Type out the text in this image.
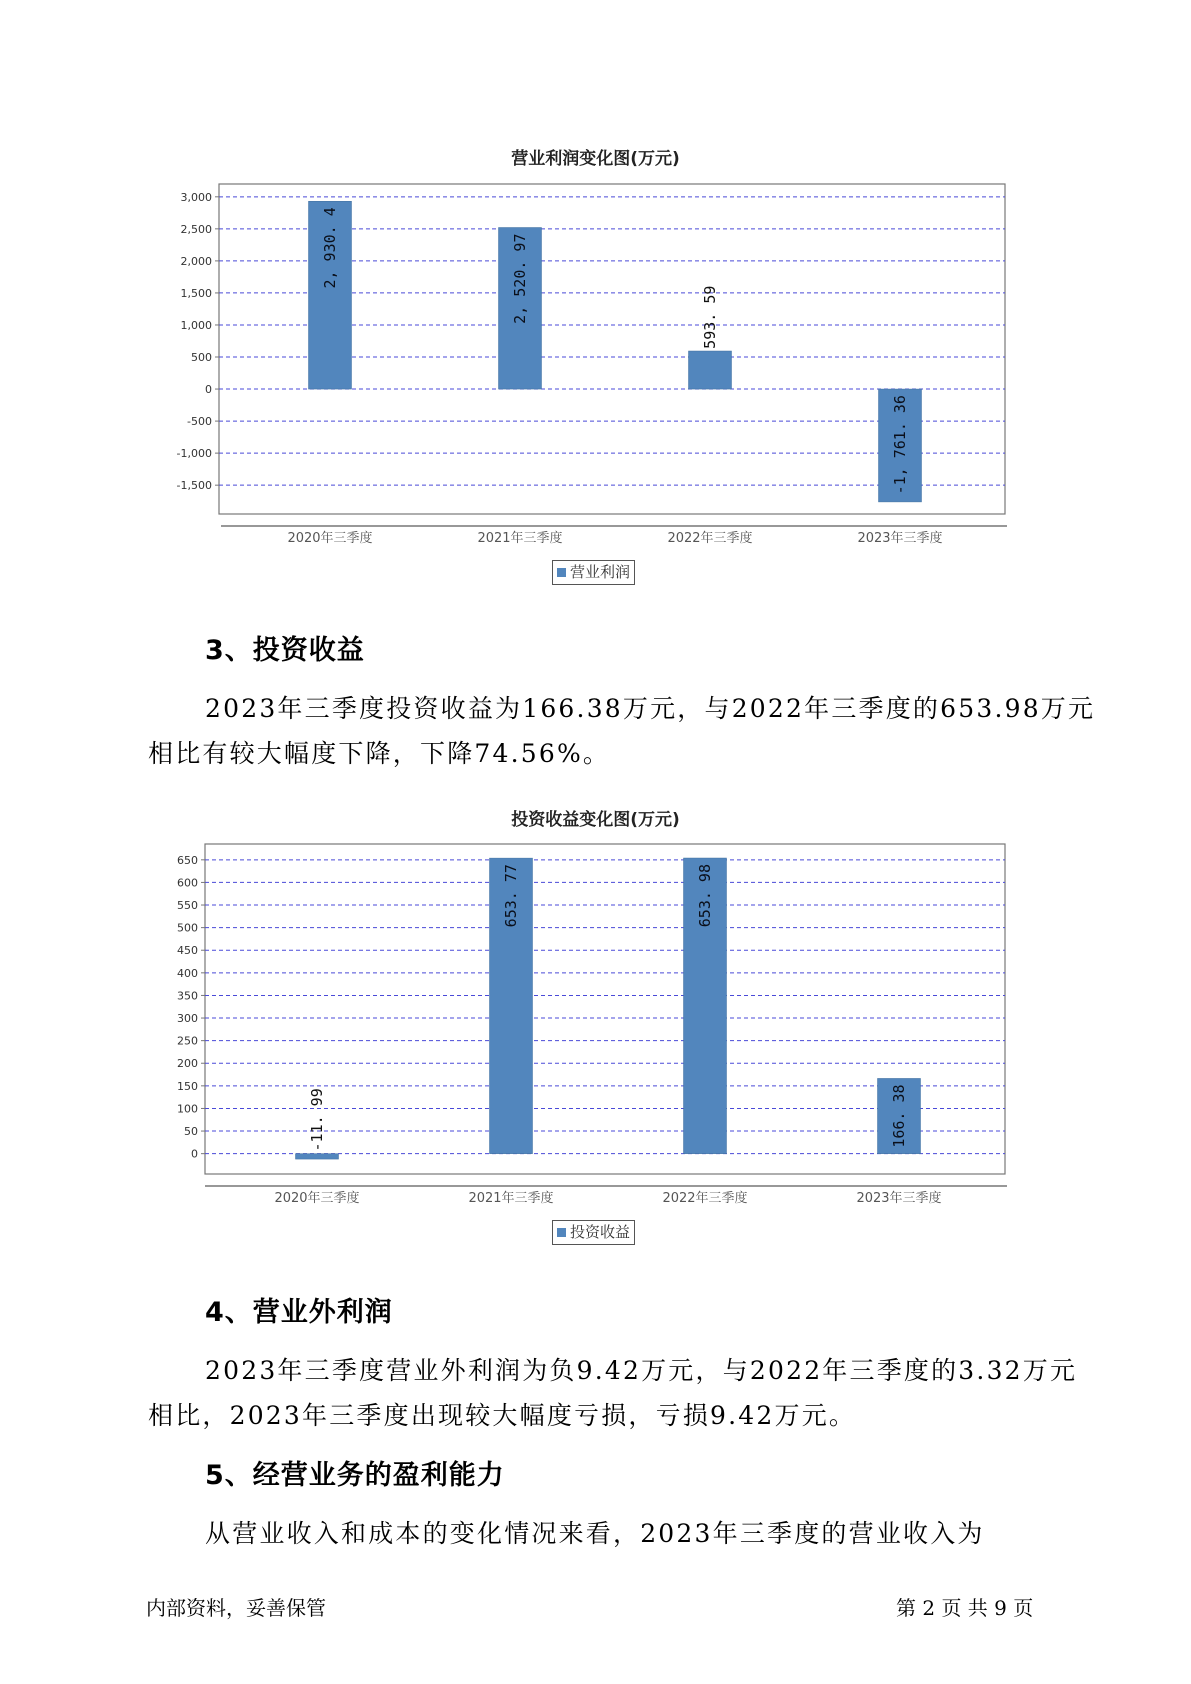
营业利润变化图(万元)
3,000
2,500
2,000
1,500
1,000
500
0
-500
-1,000
-1,500
2, 930. 4
2020年三季度
2, 520. 97
2021年三季度
593. 59
2022年三季度
-1, 761. 36
2023年三季度
营业利润
3、投资收益
2023年三季度投资收益为166.38万元，与2022年三季度的653.98万元
相比有较大幅度下降，下降74.56%。
投资收益变化图(万元)
650
600
550
500
450
400
350
300
250
200
150
100
50
0
-11. 99
2020年三季度
653. 77
2021年三季度
653. 98
2022年三季度
166. 38
2023年三季度
投资收益
4、营业外利润
2023年三季度营业外利润为负9.42万元，与2022年三季度的3.32万元
相比，2023年三季度出现较大幅度亏损，亏损9.42万元。
5、经营业务的盈利能力
从营业收入和成本的变化情况来看，2023年三季度的营业收入为
内部资料，妥善保管	第 2 页 共 9 页
